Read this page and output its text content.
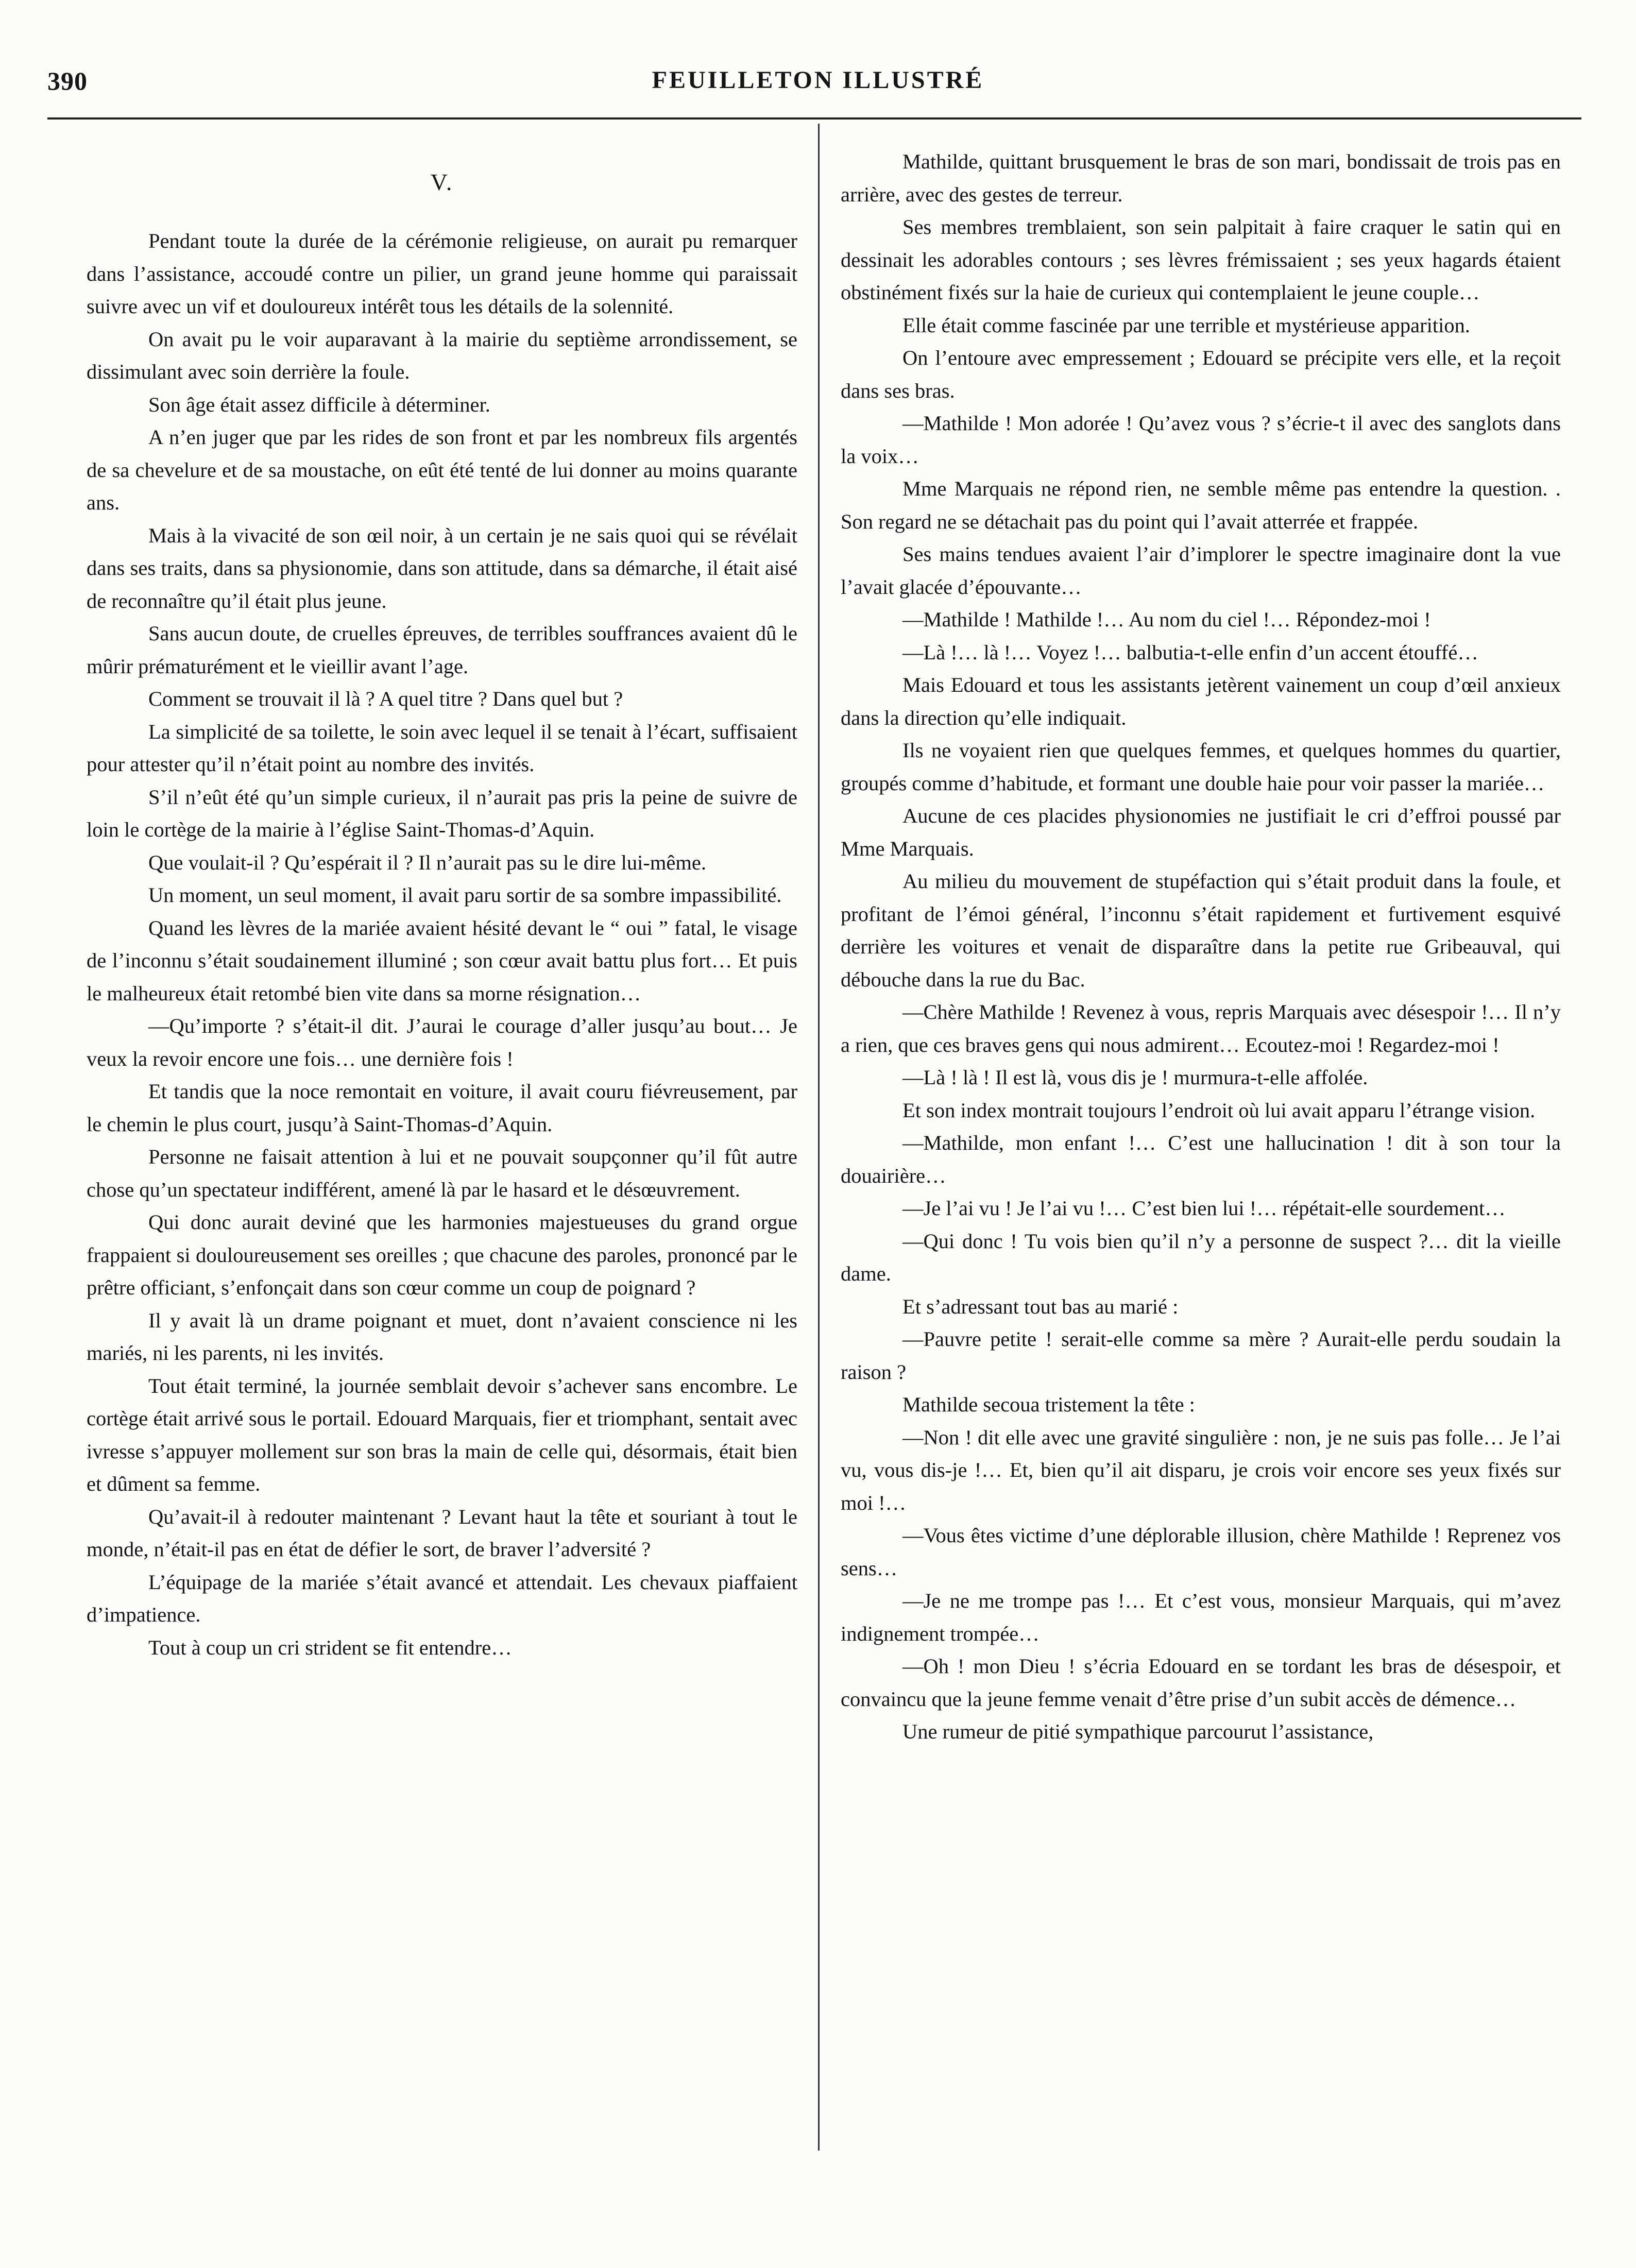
390	FEUILLETON ILLUSTRÉ
V.

Pendant toute la durée de la cérémonie religieuse, on aurait pu remarquer dans l’assistance, accoudé contre un pilier, un grand jeune homme qui paraissait suivre avec un vif et douloureux intérêt tous les détails de la solennité.

On avait pu le voir auparavant à la mairie du septième arrondissement, se dissimulant avec soin derrière la foule.

Son âge était assez difficile à déterminer.

A n’en juger que par les rides de son front et par les nombreux fils argentés de sa chevelure et de sa moustache, on eût été tenté de lui donner au moins quarante ans.

Mais à la vivacité de son œil noir, à un certain je ne sais quoi qui se révélait dans ses traits, dans sa physionomie, dans son attitude, dans sa démarche, il était aisé de reconnaître qu’il était plus jeune.

Sans aucun doute, de cruelles épreuves, de terribles souffrances avaient dû le mûrir prématurément et le vieillir avant l’age.

Comment se trouvait il là ? A quel titre ? Dans quel but ?

La simplicité de sa toilette, le soin avec lequel il se tenait à l’écart, suffisaient pour attester qu’il n’était point au nombre des invités.

S’il n’eût été qu’un simple curieux, il n’aurait pas pris la peine de suivre de loin le cortège de la mairie à l’église Saint-Thomas-d’Aquin.

Que voulait-il ? Qu’espérait il ? Il n’aurait pas su le dire lui-même.

Un moment, un seul moment, il avait paru sortir de sa sombre impassibilité.

Quand les lèvres de la mariée avaient hésité devant le “ oui ” fatal, le visage de l’inconnu s’était soudainement illuminé ; son cœur avait battu plus fort… Et puis le malheureux était retombé bien vite dans sa morne résignation…

—Qu’importe ? s’était-il dit. J’aurai le courage d’aller jusqu’au bout… Je veux la revoir encore une fois… une dernière fois !

Et tandis que la noce remontait en voiture, il avait couru fiévreusement, par le chemin le plus court, jusqu’à Saint-Thomas-d’Aquin.

Personne ne faisait attention à lui et ne pouvait soupçonner qu’il fût autre chose qu’un spectateur indifférent, amené là par le hasard et le désœuvrement.

Qui donc aurait deviné que les harmonies majestueuses du grand orgue frappaient si douloureusement ses oreilles ; que chacune des paroles, prononcé par le prêtre officiant, s’enfonçait dans son cœur comme un coup de poignard ?

Il y avait là un drame poignant et muet, dont n’avaient conscience ni les mariés, ni les parents, ni les invités.

Tout était terminé, la journée semblait devoir s’achever sans encombre. Le cortège était arrivé sous le portail. Edouard Marquais, fier et triomphant, sentait avec ivresse s’appuyer mollement sur son bras la main de celle qui, désormais, était bien et dûment sa femme.

Qu’avait-il à redouter maintenant ? Levant haut la tête et souriant à tout le monde, n’était-il pas en état de défier le sort, de braver l’adversité ?

L’équipage de la mariée s’était avancé et attendait. Les chevaux piaffaient d’impatience.

Tout à coup un cri strident se fit entendre…

Mathilde, quittant brusquement le bras de son mari, bondissait de trois pas en arrière, avec des gestes de terreur.

Ses membres tremblaient, son sein palpitait à faire craquer le satin qui en dessinait les adorables contours ; ses lèvres frémissaient ; ses yeux hagards étaient obstinément fixés sur la haie de curieux qui contemplaient le jeune couple…

Elle était comme fascinée par une terrible et mystérieuse apparition.

On l’entoure avec empressement ; Edouard se précipite vers elle, et la reçoit dans ses bras.

—Mathilde ! Mon adorée ! Qu’avez vous ? s’écrie-t il avec des sanglots dans la voix…

Mme Marquais ne répond rien, ne semble même pas entendre la question. . Son regard ne se détachait pas du point qui l’avait atterrée et frappée.

Ses mains tendues avaient l’air d’implorer le spectre imaginaire dont la vue l’avait glacée d’épouvante…

—Mathilde ! Mathilde !… Au nom du ciel !… Répondez-moi !

—Là !… là !… Voyez !… balbutia-t-elle enfin d’un accent étouffé…

Mais Edouard et tous les assistants jetèrent vainement un coup d’œil anxieux dans la direction qu’elle indiquait.

Ils ne voyaient rien que quelques femmes, et quelques hommes du quartier, groupés comme d’habitude, et formant une double haie pour voir passer la mariée…

Aucune de ces placides physionomies ne justifiait le cri d’effroi poussé par Mme Marquais.

Au milieu du mouvement de stupéfaction qui s’était produit dans la foule, et profitant de l’émoi général, l’inconnu s’était rapidement et furtivement esquivé derrière les voitures et venait de disparaître dans la petite rue Gribeauval, qui débouche dans la rue du Bac.

—Chère Mathilde ! Revenez à vous, repris Marquais avec désespoir !… Il n’y a rien, que ces braves gens qui nous admirent… Ecoutez-moi ! Regardez-moi !

—Là ! là ! Il est là, vous dis je ! murmura-t-elle affolée.

Et son index montrait toujours l’endroit où lui avait apparu l’étrange vision.

—Mathilde, mon enfant !… C’est une hallucination ! dit à son tour la douairière…

—Je l’ai vu ! Je l’ai vu !… C’est bien lui !… répétait-elle sourdement…

—Qui donc ! Tu vois bien qu’il n’y a personne de suspect ?… dit la vieille dame.

Et s’adressant tout bas au marié :

—Pauvre petite ! serait-elle comme sa mère ? Aurait-elle perdu soudain la raison ?

Mathilde secoua tristement la tête :

—Non ! dit elle avec une gravité singulière : non, je ne suis pas folle… Je l’ai vu, vous dis-je !… Et, bien qu’il ait disparu, je crois voir encore ses yeux fixés sur moi !…

—Vous êtes victime d’une déplorable illusion, chère Mathilde ! Reprenez vos sens…

—Je ne me trompe pas !… Et c’est vous, monsieur Marquais, qui m’avez indignement trompée…

—Oh ! mon Dieu ! s’écria Edouard en se tordant les bras de désespoir, et convaincu que la jeune femme venait d’être prise d’un subit accès de démence…

Une rumeur de pitié sympathique parcourut l’assistance,
